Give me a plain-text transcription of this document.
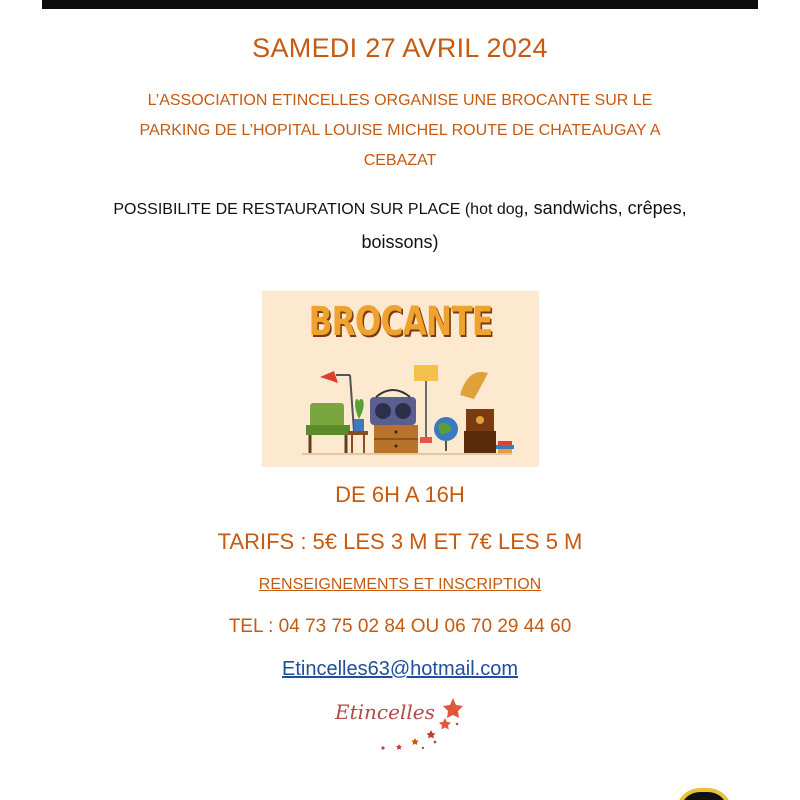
SAMEDI 27 AVRIL 2024
L’ASSOCIATION ETINCELLES ORGANISE UNE BROCANTE SUR LE
PARKING DE L’HOPITAL LOUISE MICHEL ROUTE DE CHATEAUGAY A
CEBAZAT
POSSIBILITE DE RESTAURATION SUR PLACE (hot dog, sandwichs, crêpes,
boissons)
BROCANTE
DE 6H A 16H
TARIFS : 5€ LES 3 M ET 7€ LES 5 M
RENSEIGNEMENTS ET INSCRIPTION
TEL : 04 73 75 02 84 OU 06 70 29 44 60
Etincelles63@hotmail.com
Etincelles
